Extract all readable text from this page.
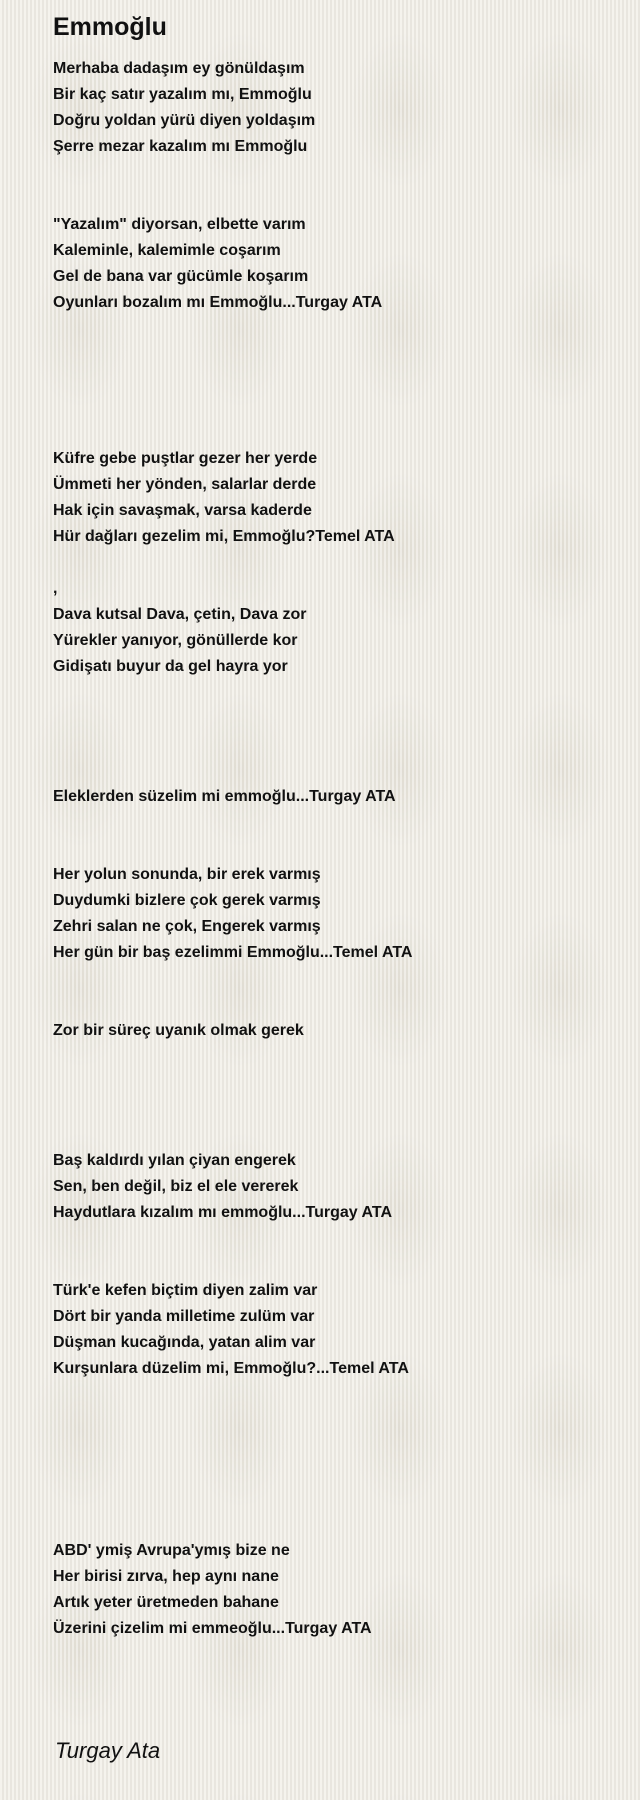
Emmoğlu
Merhaba dadaşım ey gönüldaşım
Bir kaç satır yazalım mı, Emmoğlu
Doğru yoldan yürü diyen yoldaşım
Şerre mezar kazalım mı Emmoğlu
"Yazalım" diyorsan, elbette varım
Kaleminle, kalemimle coşarım
Gel de bana var gücümle koşarım
Oyunları bozalım mı Emmoğlu...Turgay ATA
Küfre gebe puştlar gezer her yerde
Ümmeti her yönden, salarlar derde
Hak için savaşmak, varsa kaderde
Hür dağları gezelim mi, Emmoğlu?Temel ATA
,
Dava kutsal Dava, çetin, Dava zor
Yürekler yanıyor, gönüllerde kor
Gidişatı buyur da gel hayra yor
Eleklerden süzelim mi emmoğlu...Turgay ATA
Her yolun sonunda, bir erek varmış
Duydumki bizlere çok gerek varmış
Zehri salan ne çok, Engerek varmış
Her gün bir baş ezelimmi Emmoğlu...Temel ATA
Zor bir süreç uyanık olmak gerek
Baş kaldırdı yılan çiyan engerek
Sen, ben değil, biz el ele vererek
Haydutlara kızalım mı emmoğlu...Turgay ATA
Türk'e kefen biçtim diyen zalim var
Dört bir yanda milletime zulüm var
Düşman kucağında, yatan alim var
Kurşunlara düzelim mi, Emmoğlu?...Temel ATA
ABD' ymiş Avrupa'ymış bize ne
Her birisi zırva, hep aynı nane
Artık yeter üretmeden bahane
Üzerini çizelim mi emmeoğlu...Turgay ATA
Turgay Ata
